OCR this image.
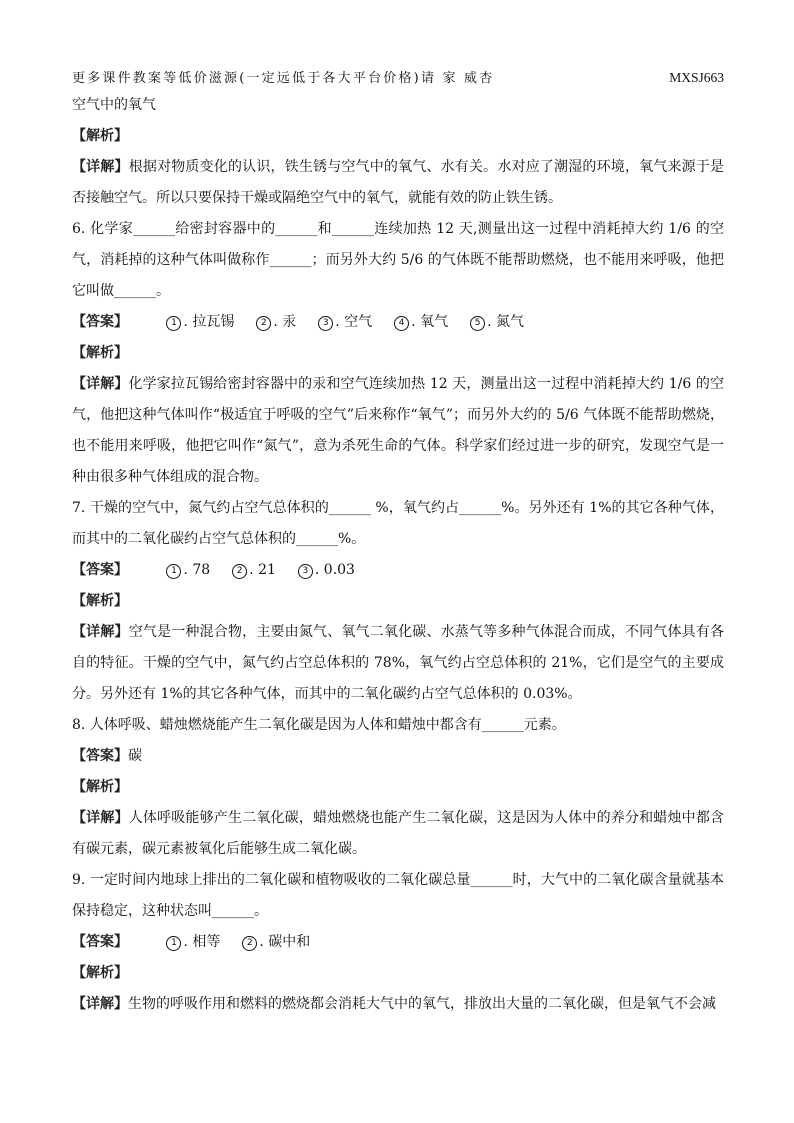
更多课件教案等低价滋源(一定远低于各大平台价格)请 家 威杏	MXSJ663
空气中的氧气
【解析】
【详解】根据对物质变化的认识，铁生锈与空气中的氧气、水有关。水对应了潮湿的环境，氧气来源于是否接触空气。所以只要保持干燥或隔绝空气中的氧气，就能有效的防止铁生锈。
6. 化学家______给密封容器中的______和______连续加热 12 天,测量出这一过程中消耗掉大约 1/6 的空气，消耗掉的这种气体叫做称作______；而另外大约 5/6 的气体既不能帮助燃烧，也不能用来呼吸，他把它叫做______。
【答案】	1 . 拉瓦锡	2 . 汞	3 . 空气	4 . 氧气	5 . 氮气
【解析】
【详解】化学家拉瓦锡给密封容器中的汞和空气连续加热 12 天，测量出这一过程中消耗掉大约 1/6 的空气，他把这种气体叫作“极适宜于呼吸的空气”后来称作“氧气”；而另外大约的 5/6 气体既不能帮助燃烧，也不能用来呼吸，他把它叫作“氮气”，意为杀死生命的气体。科学家们经过进一步的研究，发现空气是一种由很多种气体组成的混合物。
7. 干燥的空气中，氮气约占空气总体积的______ %，氧气约占______%。另外还有 1%的其它各种气体，而其中的二氧化碳约占空气总体积的______%。
【答案】	1 . 78	2 . 21	3 . 0.03
【解析】
【详解】空气是一种混合物，主要由氮气、氧气二氧化碳、水蒸气等多种气体混合而成，不同气体具有各自的特征。干燥的空气中，氮气约占空总体积的 78%，氧气约占空总体积的 21%，它们是空气的主要成分。另外还有 1%的其它各种气体，而其中的二氧化碳约占空气总体积的 0.03%。
8. 人体呼吸、蜡烛燃烧能产生二氧化碳是因为人体和蜡烛中都含有______元素。
【答案】碳
【解析】
【详解】人体呼吸能够产生二氧化碳，蜡烛燃烧也能产生二氧化碳，这是因为人体中的养分和蜡烛中都含有碳元素，碳元素被氧化后能够生成二氧化碳。
9. 一定时间内地球上排出的二氧化碳和植物吸收的二氧化碳总量______时，大气中的二氧化碳含量就基本保持稳定，这种状态叫______。
【答案】	1 . 相等	2 . 碳中和
【解析】
【详解】生物的呼吸作用和燃料的燃烧都会消耗大气中的氧气，排放出大量的二氧化碳，但是氧气不会减
